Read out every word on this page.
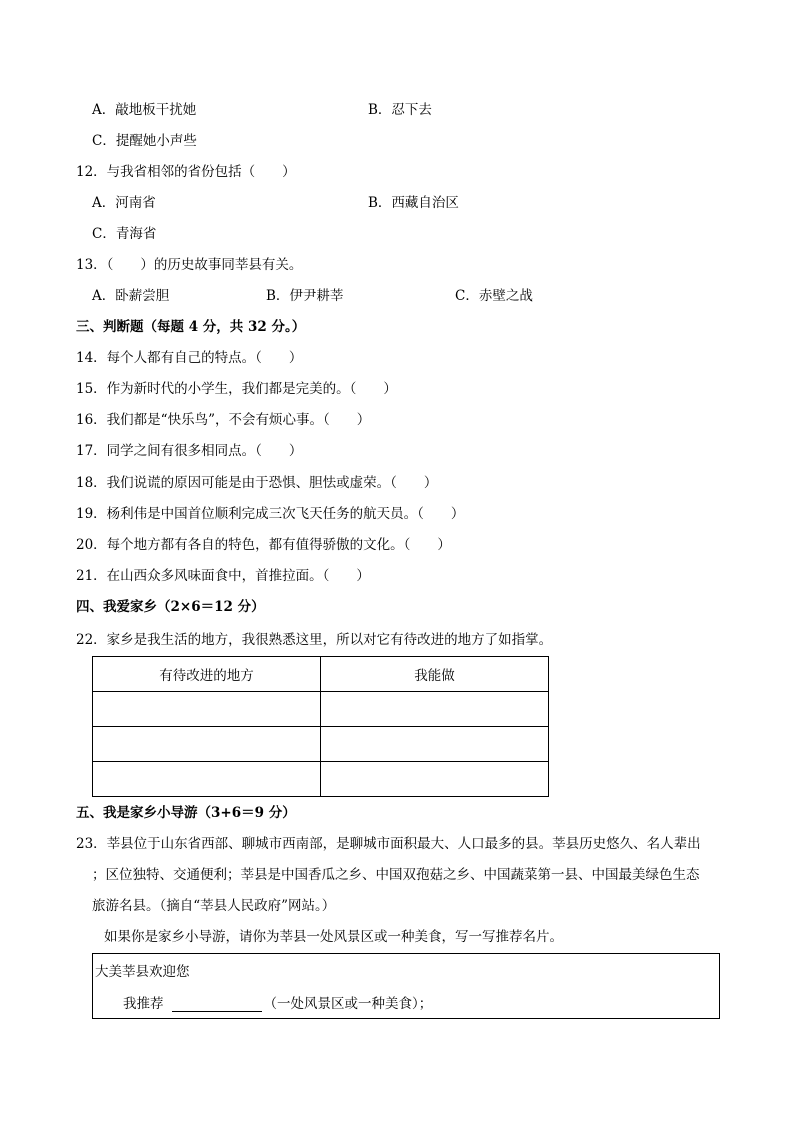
A．敲地板干扰她	B．忍下去
C．提醒她小声些
12．与我省相邻的省份包括（　　）
A．河南省	B．西藏自治区
C．青海省
13．（　　）的历史故事同莘县有关。
A．卧薪尝胆	B．伊尹耕莘	C．赤壁之战
三、判断题（每题 4 分，共 32 分。）
14．每个人都有自己的特点。（　　）
15．作为新时代的小学生，我们都是完美的。（　　）
16．我们都是“快乐鸟”，不会有烦心事。（　　）
17．同学之间有很多相同点。（　　）
18．我们说谎的原因可能是由于恐惧、胆怯或虚荣。（　　）
19．杨利伟是中国首位顺利完成三次飞天任务的航天员。（　　）
20．每个地方都有各自的特色，都有值得骄傲的文化。（　　）
21．在山西众多风味面食中，首推拉面。（　　）
四、我爱家乡（2×6＝12 分）
22．家乡是我生活的地方，我很熟悉这里，所以对它有待改进的地方了如指掌。
有待改进的地方	我能做

五、我是家乡小导游（3+6＝9 分）
23．莘县位于山东省西部、聊城市西南部，是聊城市面积最大、人口最多的县。莘县历史悠久、名人辈出
；区位独特、交通便利；莘县是中国香瓜之乡、中国双孢菇之乡、中国蔬菜第一县、中国最美绿色生态
旅游名县。（摘自“莘县人民政府”网站。）
如果你是家乡小导游，请你为莘县一处风景区或一种美食，写一写推荐名片。
大美莘县欢迎您
我推荐	（一处风景区或一种美食）；
